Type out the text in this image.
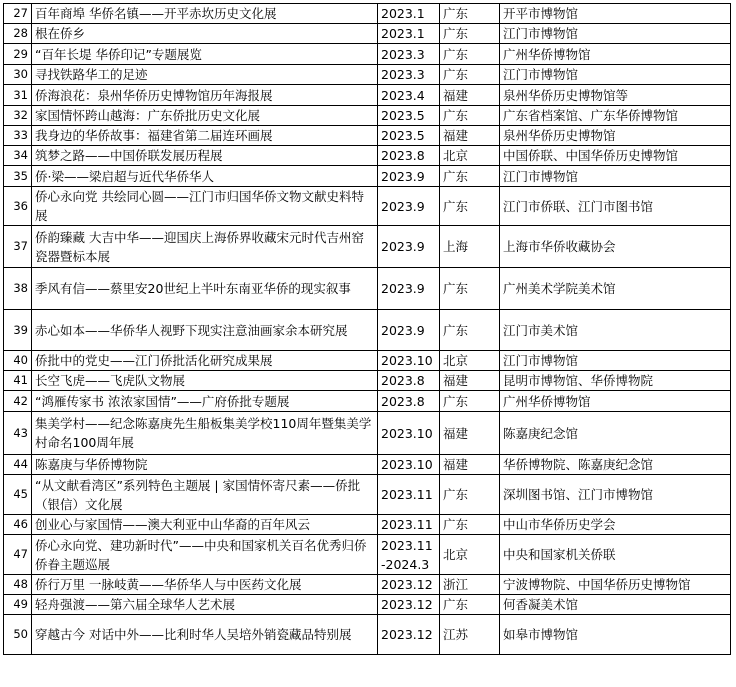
27	百年商埠 华侨名镇——开平赤坎历史文化展	2023.1	广东	开平市博物馆
28	根在侨乡	2023.1	广东	江门市博物馆
29	“百年长堤 华侨印记”专题展览	2023.3	广东	广州华侨博物馆
30	寻找铁路华工的足迹	2023.3	广东	江门市博物馆
31	侨海浪花：泉州华侨历史博物馆历年海报展	2023.4	福建	泉州华侨历史博物馆等
32	家国情怀跨山越海：广东侨批历史文化展	2023.5	广东	广东省档案馆、广东华侨博物馆
33	我身边的华侨故事：福建省第二届连环画展	2023.5	福建	泉州华侨历史博物馆
34	筑梦之路——中国侨联发展历程展	2023.8	北京	中国侨联、中国华侨历史博物馆
35	侨·梁——梁启超与近代华侨华人	2023.9	广东	江门市博物馆
36	侨心永向党 共绘同心圆——江门市归国华侨文物文献史料特展	2023.9	广东	江门市侨联、江门市图书馆
37	侨韵臻藏 大吉中华——迎国庆上海侨界收藏宋元时代吉州窑瓷器暨标本展	2023.9	上海	上海市华侨收藏协会
38	季风有信——蔡里安20世纪上半叶东南亚华侨的现实叙事	2023.9	广东	广州美术学院美术馆
39	赤心如本——华侨华人视野下现实注意油画家余本研究展	2023.9	广东	江门市美术馆
40	侨批中的党史——江门侨批活化研究成果展	2023.10	北京	江门市博物馆
41	长空飞虎——飞虎队文物展	2023.8	福建	昆明市博物馆、华侨博物院
42	“鸿雁传家书 浓浓家国情”——广府侨批专题展	2023.8	广东	广州华侨博物馆
43	集美学村——纪念陈嘉庚先生船板集美学校110周年暨集美学村命名100周年展	2023.10	福建	陈嘉庚纪念馆
44	陈嘉庚与华侨博物院	2023.10	福建	华侨博物院、陈嘉庚纪念馆
45	“从文献看湾区”系列特色主题展 | 家国情怀寄尺素——侨批（银信）文化展	2023.11	广东	深圳图书馆、江门市博物馆
46	创业心与家国情——澳大利亚中山华裔的百年风云	2023.11	广东	中山市华侨历史学会
47	侨心永向党、建功新时代”——中央和国家机关百名优秀归侨侨眷主题巡展	2023.11-2024.3	北京	中央和国家机关侨联
48	侨行万里 一脉岐黄——华侨华人与中医药文化展	2023.12	浙江	宁波博物院、中国华侨历史博物馆
49	轻舟强渡——第六届全球华人艺术展	2023.12	广东	何香凝美术馆
50	穿越古今 对话中外——比利时华人吴培外销瓷藏品特别展	2023.12	江苏	如皋市博物馆
